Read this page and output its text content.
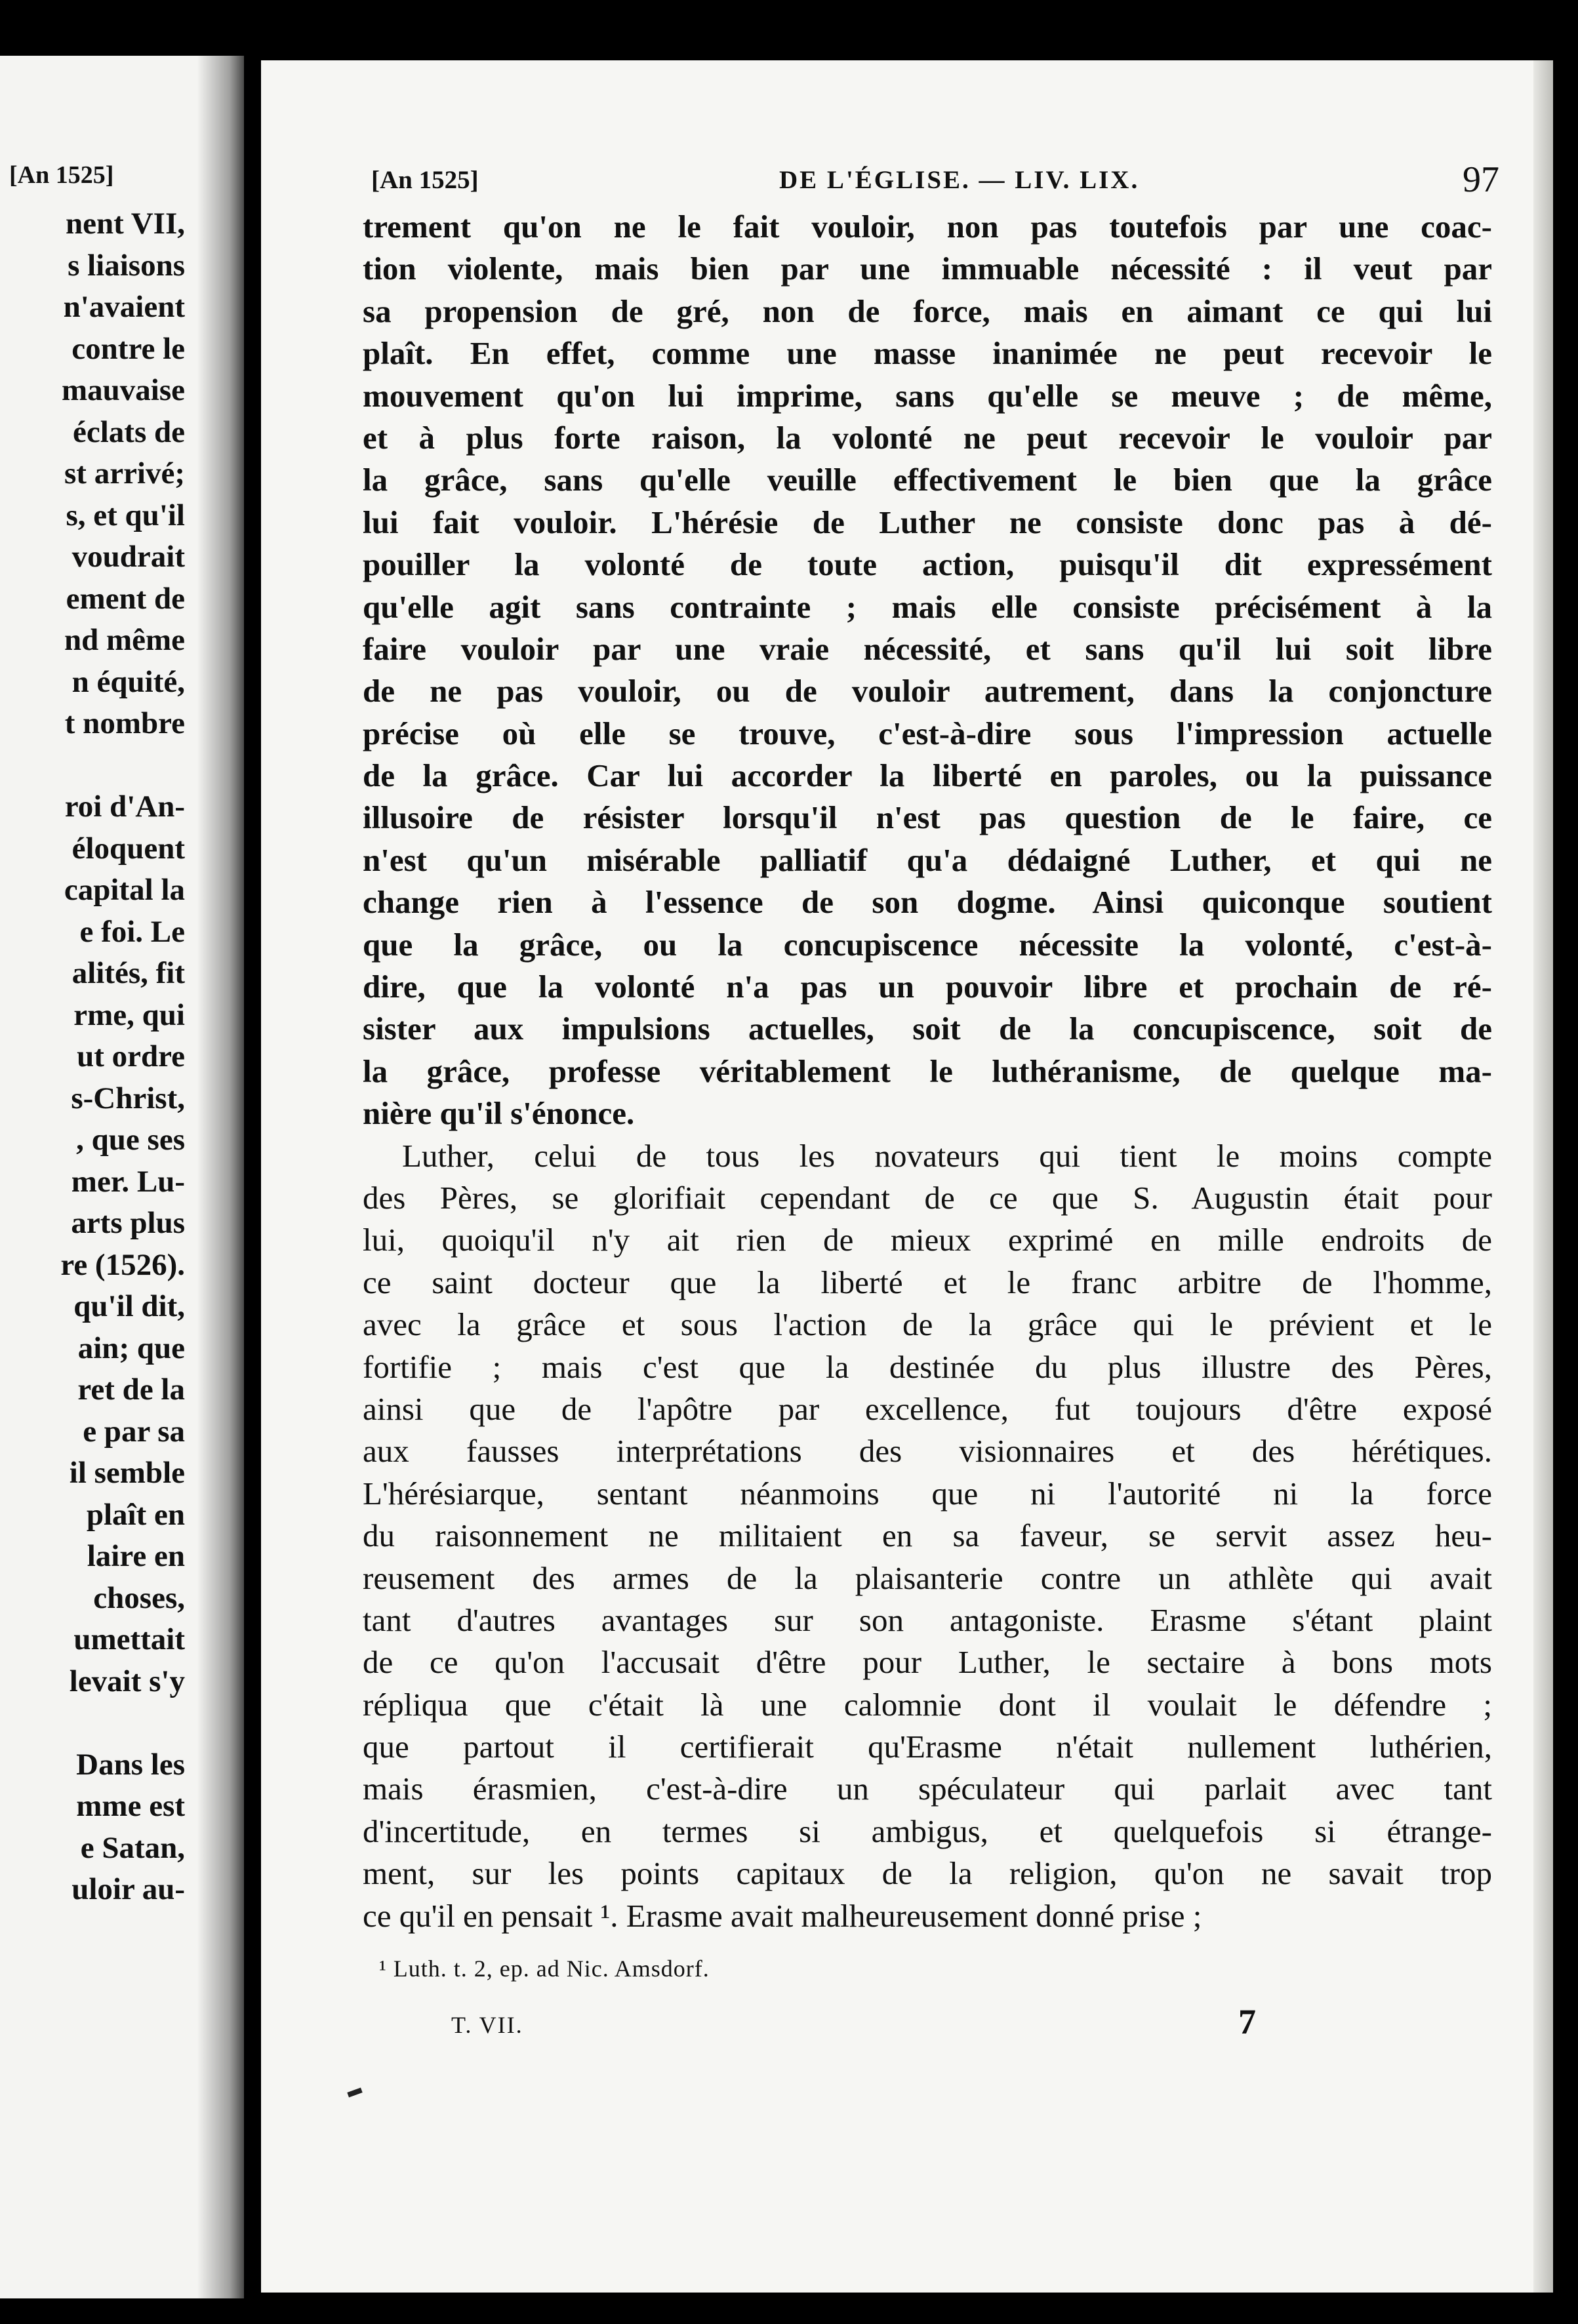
[An 1525]
nent VII,
s liaisons
n'avaient
contre le
mauvaise
éclats de
st arrivé;
s, et qu'il
voudrait
ement de
nd même
n équité,
t nombre
roi d'An-
éloquent
capital la
e foi. Le
alités, fit
rme, qui
ut ordre
s-Christ,
, que ses
mer. Lu-
arts plus
re (1526).
qu'il dit,
ain; que
ret de la
e par sa
il semble
plaît en
laire en
choses,
umettait
levait s'y
Dans les
mme est
e Satan,
uloir au-
[An 1525]	DE L'ÉGLISE. — LIV. LIX.	97
trement qu'on ne le fait vouloir, non pas toutefois par une coac-
tion violente, mais bien par une immuable nécessité : il veut par
sa propension de gré, non de force, mais en aimant ce qui lui
plaît. En effet, comme une masse inanimée ne peut recevoir le
mouvement qu'on lui imprime, sans qu'elle se meuve ; de même,
et à plus forte raison, la volonté ne peut recevoir le vouloir par
la grâce, sans qu'elle veuille effectivement le bien que la grâce
lui fait vouloir. L'hérésie de Luther ne consiste donc pas à dé-
pouiller la volonté de toute action, puisqu'il dit expressément
qu'elle agit sans contrainte ; mais elle consiste précisément à la
faire vouloir par une vraie nécessité, et sans qu'il lui soit libre
de ne pas vouloir, ou de vouloir autrement, dans la conjoncture
précise où elle se trouve, c'est-à-dire sous l'impression actuelle
de la grâce. Car lui accorder la liberté en paroles, ou la puissance
illusoire de résister lorsqu'il n'est pas question de le faire, ce
n'est qu'un misérable palliatif qu'a dédaigné Luther, et qui ne
change rien à l'essence de son dogme. Ainsi quiconque soutient
que la grâce, ou la concupiscence nécessite la volonté, c'est-à-
dire, que la volonté n'a pas un pouvoir libre et prochain de ré-
sister aux impulsions actuelles, soit de la concupiscence, soit de
la grâce, professe véritablement le luthéranisme, de quelque ma-
nière qu'il s'énonce.
Luther, celui de tous les novateurs qui tient le moins compte
des Pères, se glorifiait cependant de ce que S. Augustin était pour
lui, quoiqu'il n'y ait rien de mieux exprimé en mille endroits de
ce saint docteur que la liberté et le franc arbitre de l'homme,
avec la grâce et sous l'action de la grâce qui le prévient et le
fortifie ; mais c'est que la destinée du plus illustre des Pères,
ainsi que de l'apôtre par excellence, fut toujours d'être exposé
aux fausses interprétations des visionnaires et des hérétiques.
L'hérésiarque, sentant néanmoins que ni l'autorité ni la force
du raisonnement ne militaient en sa faveur, se servit assez heu-
reusement des armes de la plaisanterie contre un athlète qui avait
tant d'autres avantages sur son antagoniste. Erasme s'étant plaint
de ce qu'on l'accusait d'être pour Luther, le sectaire à bons mots
répliqua que c'était là une calomnie dont il voulait le défendre ;
que partout il certifierait qu'Erasme n'était nullement luthérien,
mais érasmien, c'est-à-dire un spéculateur qui parlait avec tant
d'incertitude, en termes si ambigus, et quelquefois si étrange-
ment, sur les points capitaux de la religion, qu'on ne savait trop
ce qu'il en pensait ¹. Erasme avait malheureusement donné prise ;
¹ Luth. t. 2, ep. ad Nic. Amsdorf.
T. VII.	7
